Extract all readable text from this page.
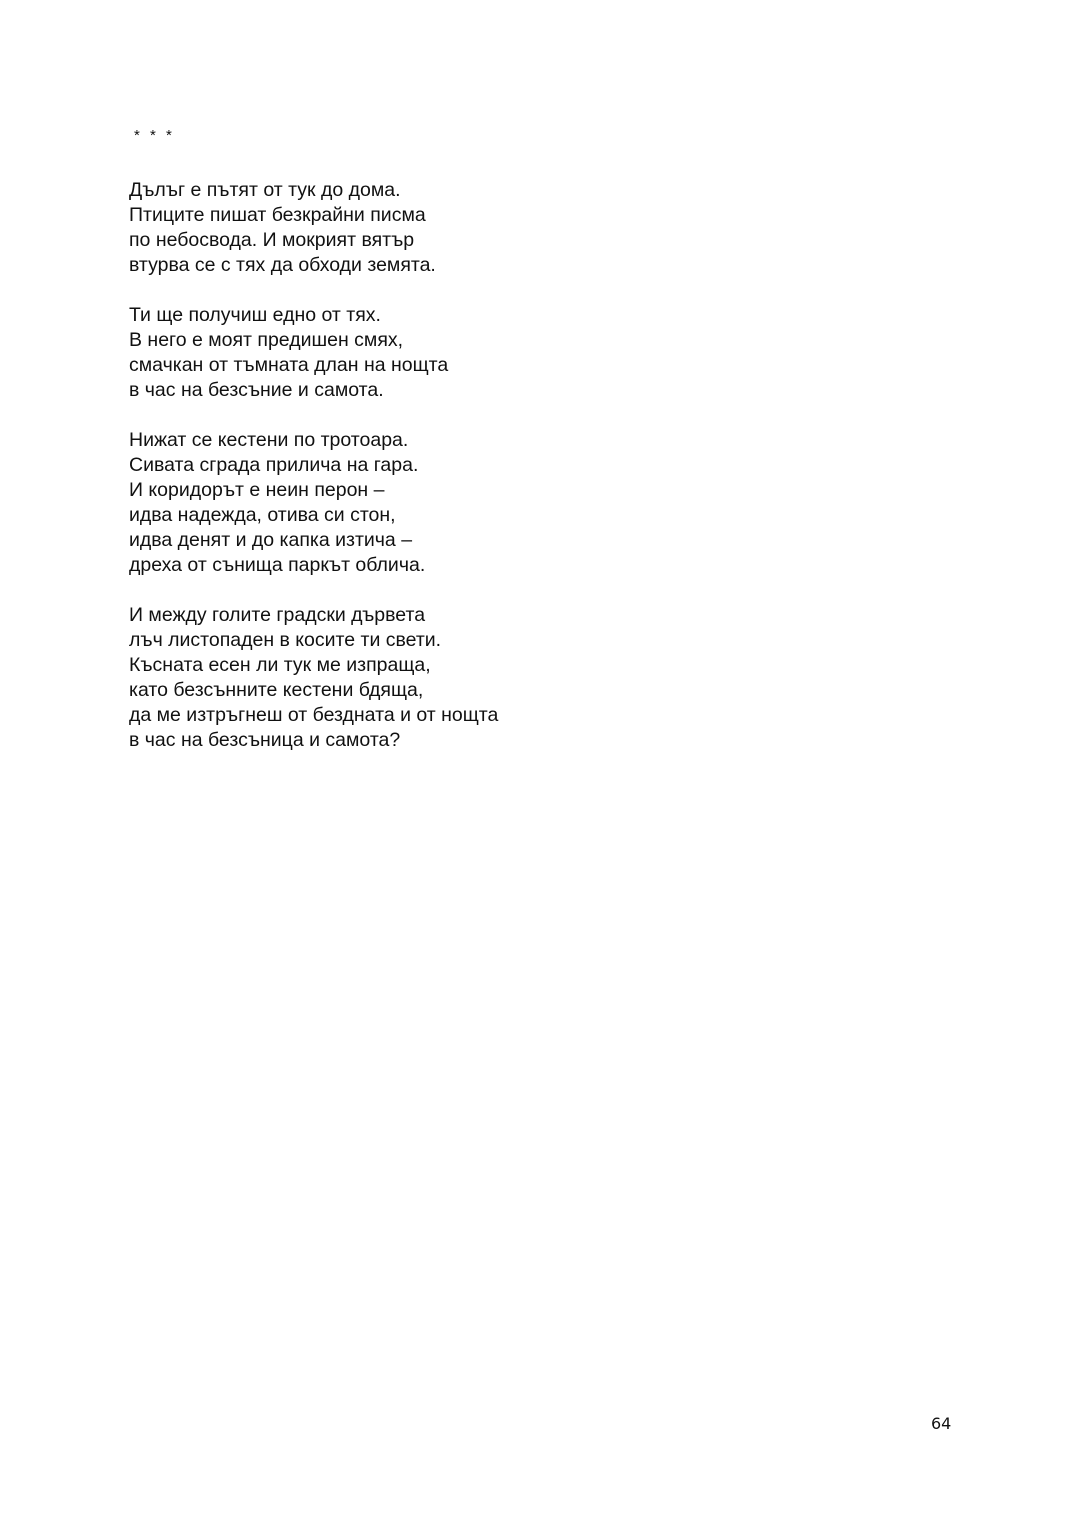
* * *
Дълъг е пътят от тук до дома.
Птиците пишат безкрайни писма
по небосвода. И мокрият вятър
втурва се с тях да обходи земята.
Ти ще получиш едно от тях.
В него е моят предишен смях,
смачкан от тъмната длан на нощта
в час на безсъние и самота.
Нижат се кестени по тротоара.
Сивата сграда прилича на гара.
И коридорът е неин перон –
идва надежда, отива си стон,
идва денят и до капка изтича –
дреха от сънища паркът облича.
И между голите градски дървета
лъч листопаден в косите ти свети.
Късната есен ли тук ме изпраща,
като безсънните кестени бдяща,
да ме изтръгнеш от бездната и от нощта
в час на безсъница и самота?
64
